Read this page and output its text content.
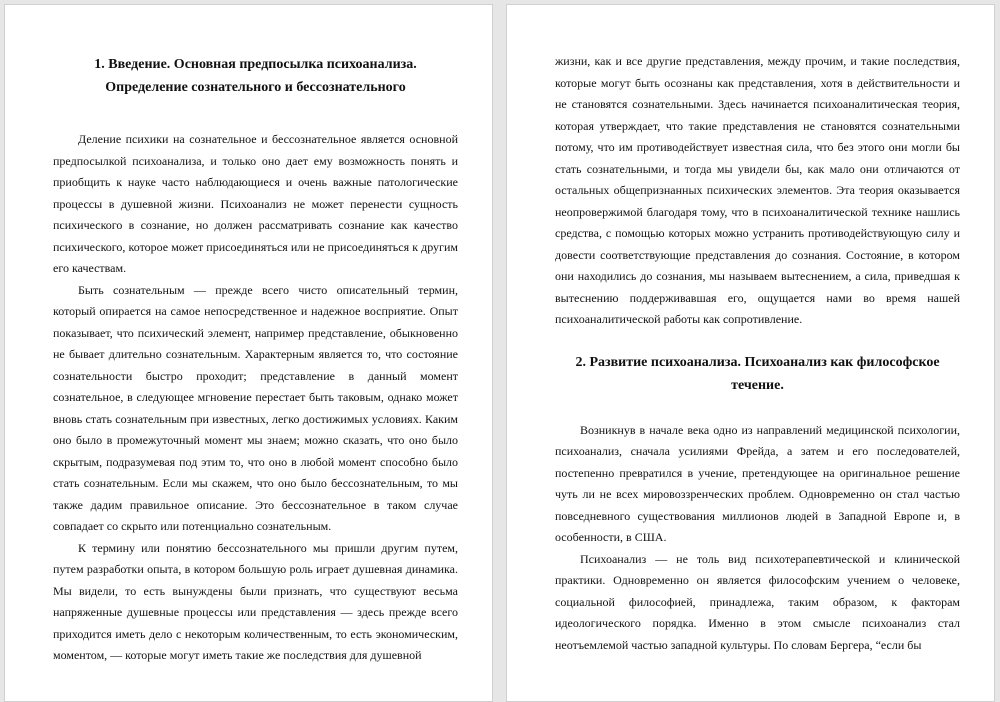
1. Введение. Основная предпосылка психоанализа.
Определение сознательного и бессознательного

Деление психики на сознательное и бессознательное является основной предпосылкой психоанализа, и только оно дает ему возможность понять и приобщить к науке часто наблюдающиеся и очень важные патологические процессы в душевной жизни. Психоанализ не может перенести сущность психического в сознание, но должен рассматривать сознание как качество психического, которое может присоединяться или не присоединяться к другим его качествам.

Быть сознательным — прежде всего чисто описательный термин, который опирается на самое непосредственное и надежное восприятие. Опыт показывает, что психический элемент, например представление, обыкновенно не бывает длительно сознательным. Характерным является то, что состояние сознательности быстро проходит; представление в данный момент сознательное, в следующее мгновение перестает быть таковым, однако может вновь стать сознательным при известных, легко достижимых условиях. Каким оно было в промежуточный момент мы знаем; можно сказать, что оно было скрытым, подразумевая под этим то, что оно в любой момент способно было стать сознательным. Если мы скажем, что оно было бессознательным, то мы также дадим правильное описание. Это бессознательное в таком случае совпадает со скрыто или потенциально сознательным.

К термину или понятию бессознательного мы пришли другим путем, путем разработки опыта, в котором большую роль играет душевная динамика. Мы видели, то есть вынуждены были признать, что существуют весьма напряженные душевные процессы или представления — здесь прежде всего приходится иметь дело с некоторым количественным, то есть экономическим, моментом, — которые могут иметь такие же последствия для душевной

жизни, как и все другие представления, между прочим, и такие последствия, которые могут быть осознаны как представления, хотя в действительности и не становятся сознательными. Здесь начинается психоаналитическая теория, которая утверждает, что такие представления не становятся сознательными потому, что им противодействует известная сила, что без этого они могли бы стать сознательными, и тогда мы увидели бы, как мало они отличаются от остальных общепризнанных психических элементов. Эта теория оказывается неопровержимой благодаря тому, что в психоаналитической технике нашлись средства, с помощью которых можно устранить противодействующую силу и довести соответствующие представления до сознания. Состояние, в котором они находились до сознания, мы называем вытеснением, а сила, приведшая к вытеснению поддерживавшая его, ощущается нами во время нашей психоаналитической работы как сопротивление.

2. Развитие психоанализа. Психоанализ как философское
течение.

Возникнув в начале века одно из направлений медицинской психологии, психоанализ, сначала усилиями Фрейда, а затем и его последователей, постепенно превратился в учение, претендующее на оригинальное решение чуть ли не всех мировоззренческих проблем. Одновременно он стал частью повседневного существования миллионов людей в Западной Европе и, в особенности, в США.

Психоанализ — не толь вид психотерапевтической и клинической практики. Одновременно он является философским учением о человеке, социальной философией, принадлежа, таким образом, к факторам идеологического порядка. Именно в этом смысле психоанализ стал неотъемлемой частью западной культуры. По словам Бергера, “если бы
